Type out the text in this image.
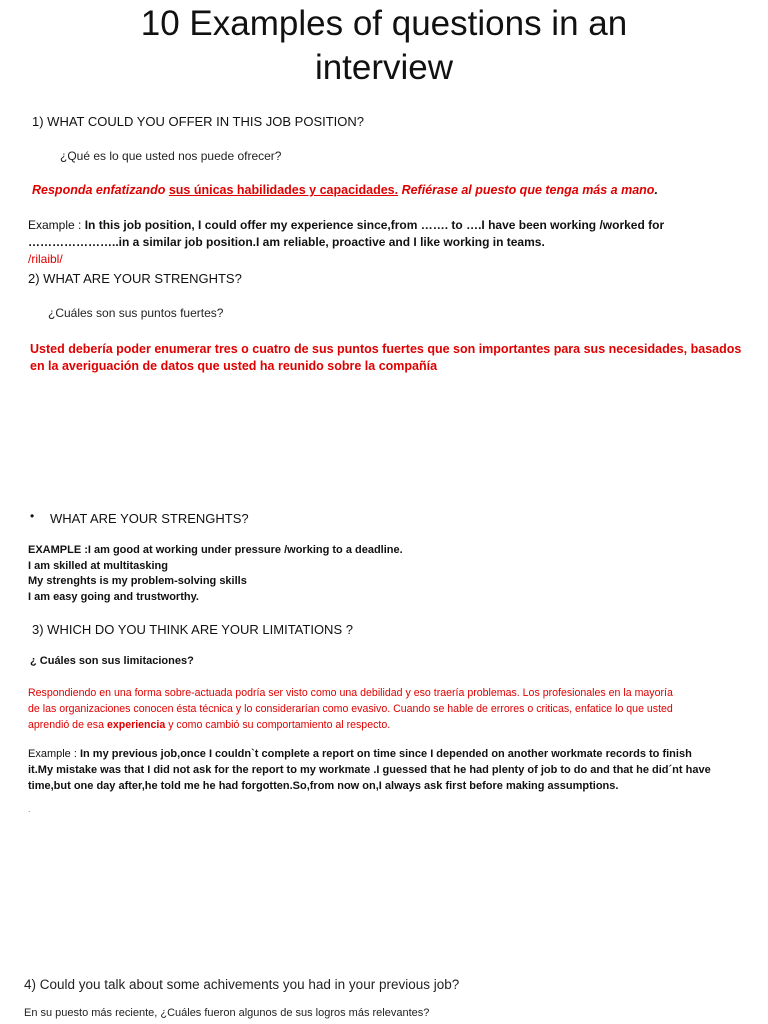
10 Examples of questions in an
interview
1) WHAT COULD YOU OFFER IN THIS JOB POSITION?
¿Qué es lo que usted nos puede ofrecer?
Responda enfatizando sus únicas habilidades y capacidades. Refiérase al puesto que tenga más a mano.
Example : In this job position, I could offer my experience since,from ……. to ….I have been working /worked for
…………………..in a similar job position.I am reliable, proactive and I like working in teams.
/rilaibl/
2) WHAT ARE YOUR STRENGHTS?
¿Cuáles son sus puntos fuertes?
Usted debería poder enumerar tres o cuatro de sus puntos fuertes que son importantes para sus necesidades, basados
en la averiguación de datos que usted ha reunido sobre la compañía
• WHAT ARE YOUR STRENGHTS?
EXAMPLE :I am good at working under pressure /working to a deadline.
I am skilled at multitasking
My strenghts is my problem-solving skills
I am easy going and trustworthy.
3) WHICH DO YOU THINK ARE YOUR LIMITATIONS ?
¿ Cuáles son sus limitaciones?
Respondiendo en una forma sobre-actuada podría ser visto como una debilidad y eso traería problemas. Los profesionales en la mayoría
de las organizaciones conocen ésta técnica y lo considerarían como evasivo. Cuando se hable de errores o criticas, enfatice lo que usted
aprendió de esa experiencia y como cambió su comportamiento al respecto.
Example : In my previous job,once I couldn`t complete a report on time since I depended on another workmate records to finish
it.My mistake was that I did not ask for the report to my workmate .I guessed that he had plenty of job to do and that he did´nt have
time,but one day after,he told me he had forgotten.So,from now on,I always ask first before making assumptions.
.
4) Could you talk about some achivements you had in your previous job?
En su puesto más reciente, ¿Cuáles fueron algunos de sus logros más relevantes?
